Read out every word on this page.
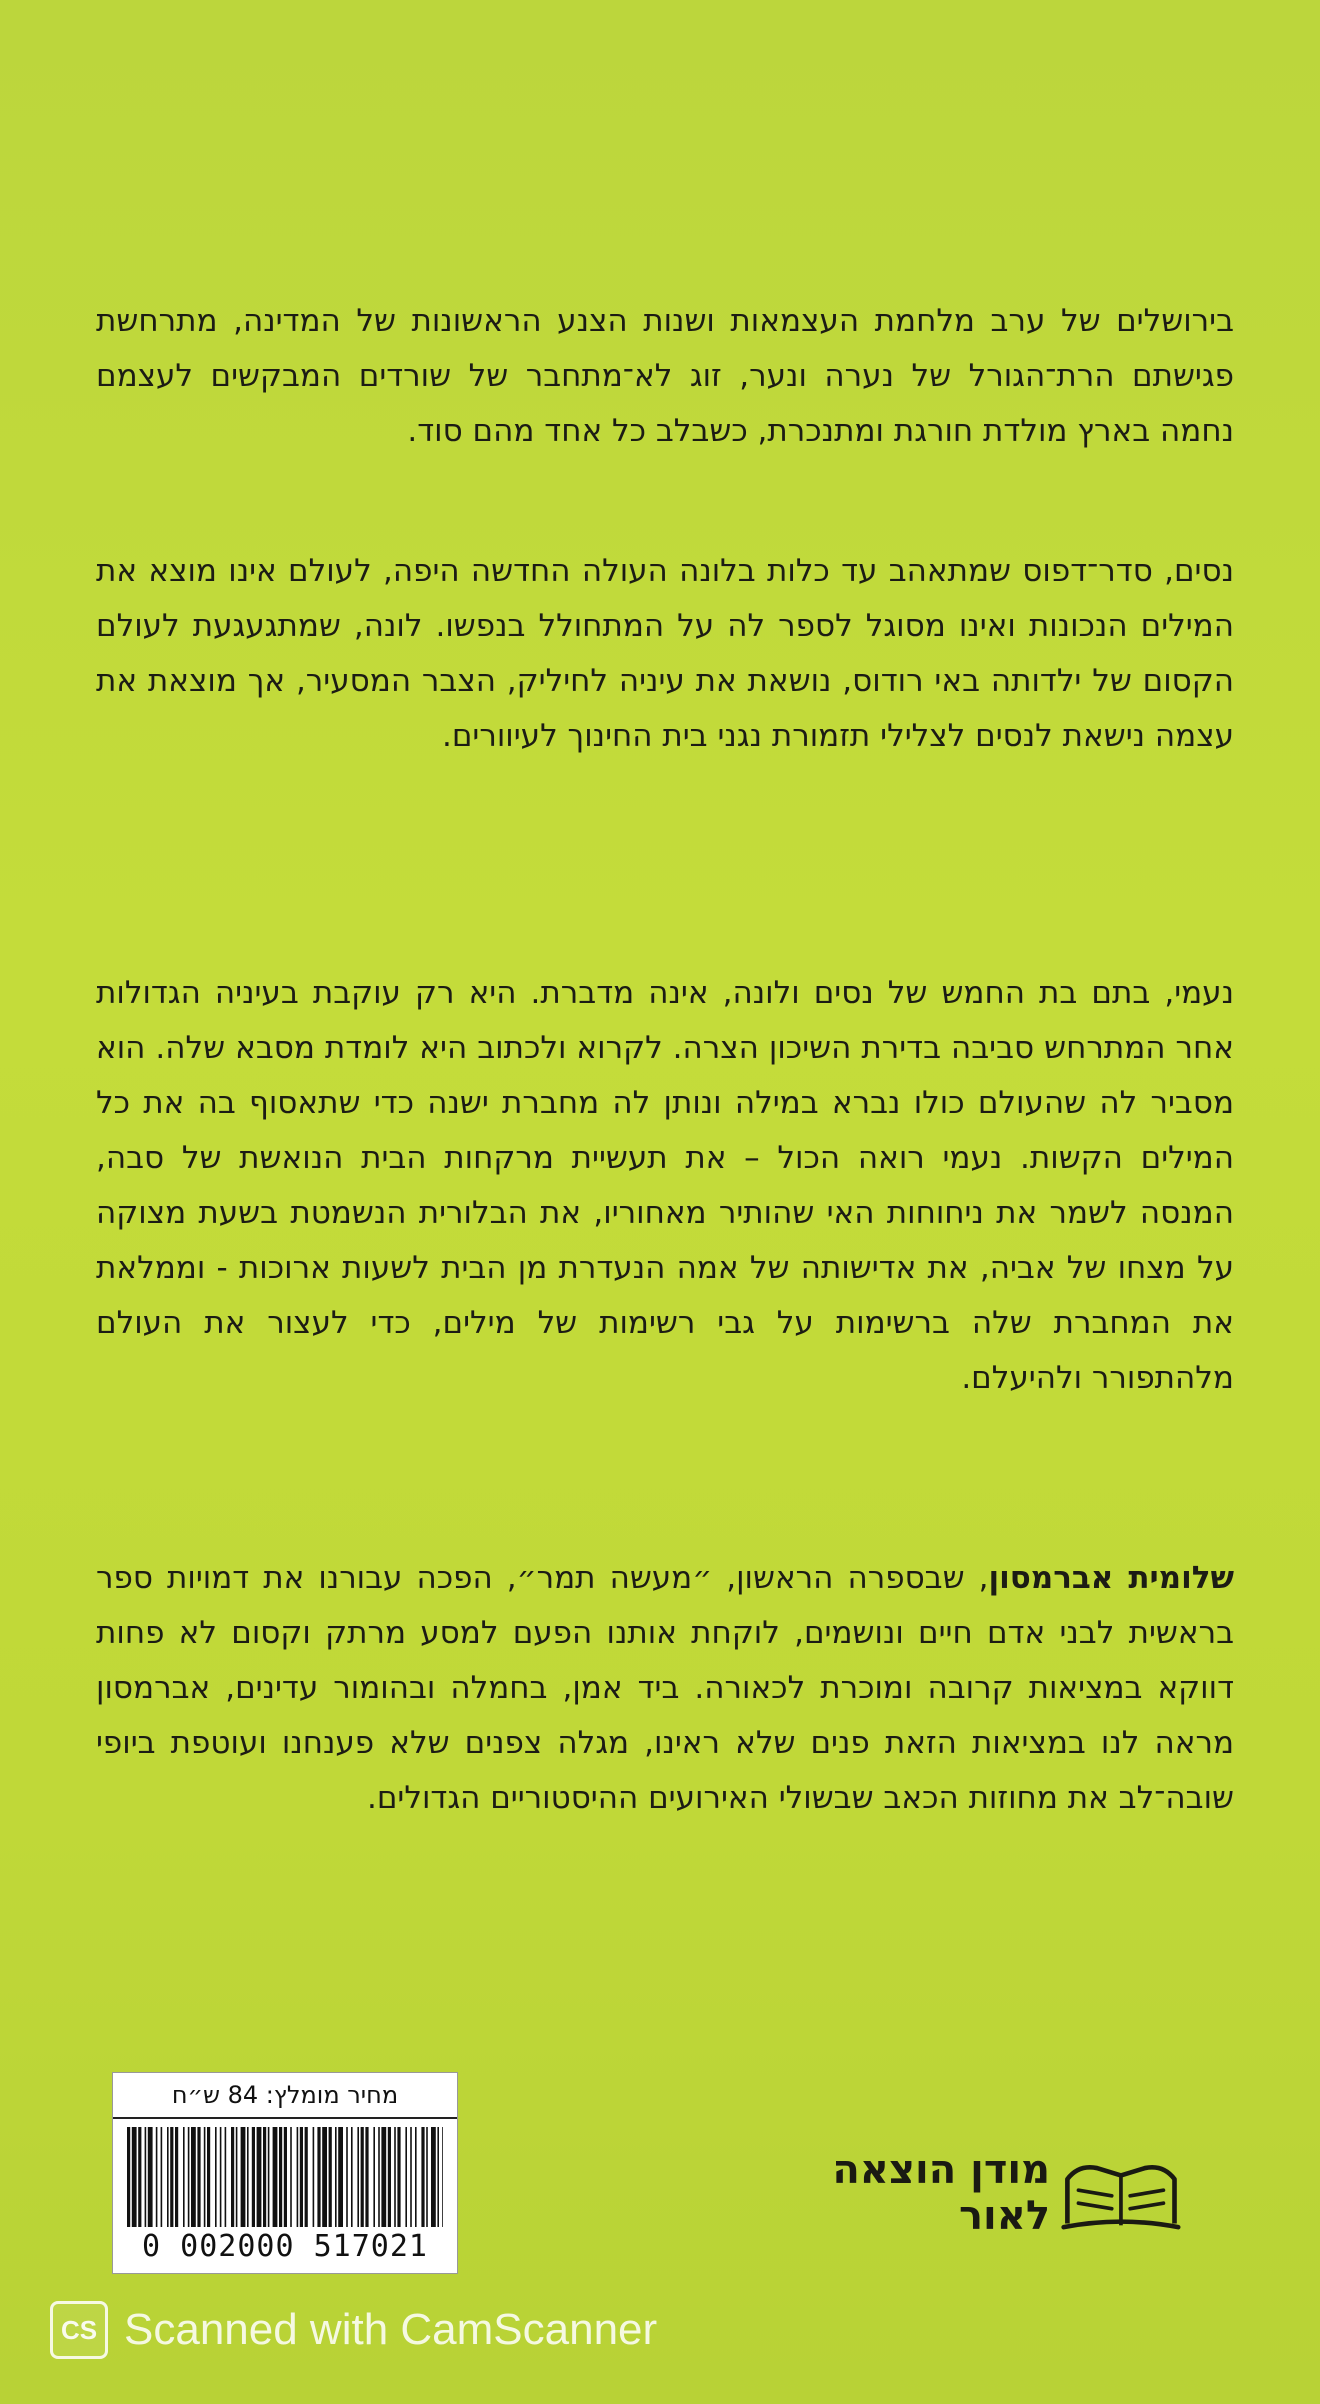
בירושלים של ערב מלחמת העצמאות ושנות הצנע הראשונות של המדינה, מתרחשת פגישתם הרת־הגורל של נערה ונער, זוג לא־מתחבר של שורדים המבקשים לעצמם נחמה בארץ מולדת חורגת ומתנכרת, כשבלב כל אחד מהם סוד.

נסים, סדר־דפוס שמתאהב עד כלות בלונה העולה החדשה היפה, לעולם אינו מוצא את המילים הנכונות ואינו מסוגל לספר לה על המתחולל בנפשו. לונה, שמתגעגעת לעולם הקסום של ילדותה באי רודוס, נושאת את עיניה לחיליק, הצבר המסעיר, אך מוצאת את עצמה נישאת לנסים לצלילי תזמורת נגני בית החינוך לעיוורים.

נעמי, בתם בת החמש של נסים ולונה, אינה מדברת. היא רק עוקבת בעיניה הגדולות אחר המתרחש סביבה בדירת השיכון הצרה. לקרוא ולכתוב היא לומדת מסבא שלה. הוא מסביר לה שהעולם כולו נברא במילה ונותן לה מחברת ישנה כדי שתאסוף בה את כל המילים הקשות. נעמי רואה הכול – את תעשיית מרקחות הבית הנואשת של סבה, המנסה לשמר את ניחוחות האי שהותיר מאחוריו, את הבלורית הנשמטת בשעת מצוקה על מצחו של אביה, את אדישותה של אמה הנעדרת מן הבית לשעות ארוכות - וממלאת את המחברת שלה ברשימות על גבי רשימות של מילים, כדי לעצור את העולם מלהתפורר ולהיעלם.

שלומית אברמסון, שבספרה הראשון, ״מעשה תמר״, הפכה עבורנו את דמויות ספר בראשית לבני אדם חיים ונושמים, לוקחת אותנו הפעם למסע מרתק וקסום לא פחות דווקא במציאות קרובה ומוכרת לכאורה. ביד אמן, בחמלה ובהומור עדינים, אברמסון מראה לנו במציאות הזאת פנים שלא ראינו, מגלה צפנים שלא פענחנו ועוטפת ביופי שובה־לב את מחוזות הכאב שבשולי האירועים ההיסטוריים הגדולים.

מחיר מומלץ: 84 ש״ח
0 002000 517021
מודן הוצאה לאור
CS Scanned with CamScanner
